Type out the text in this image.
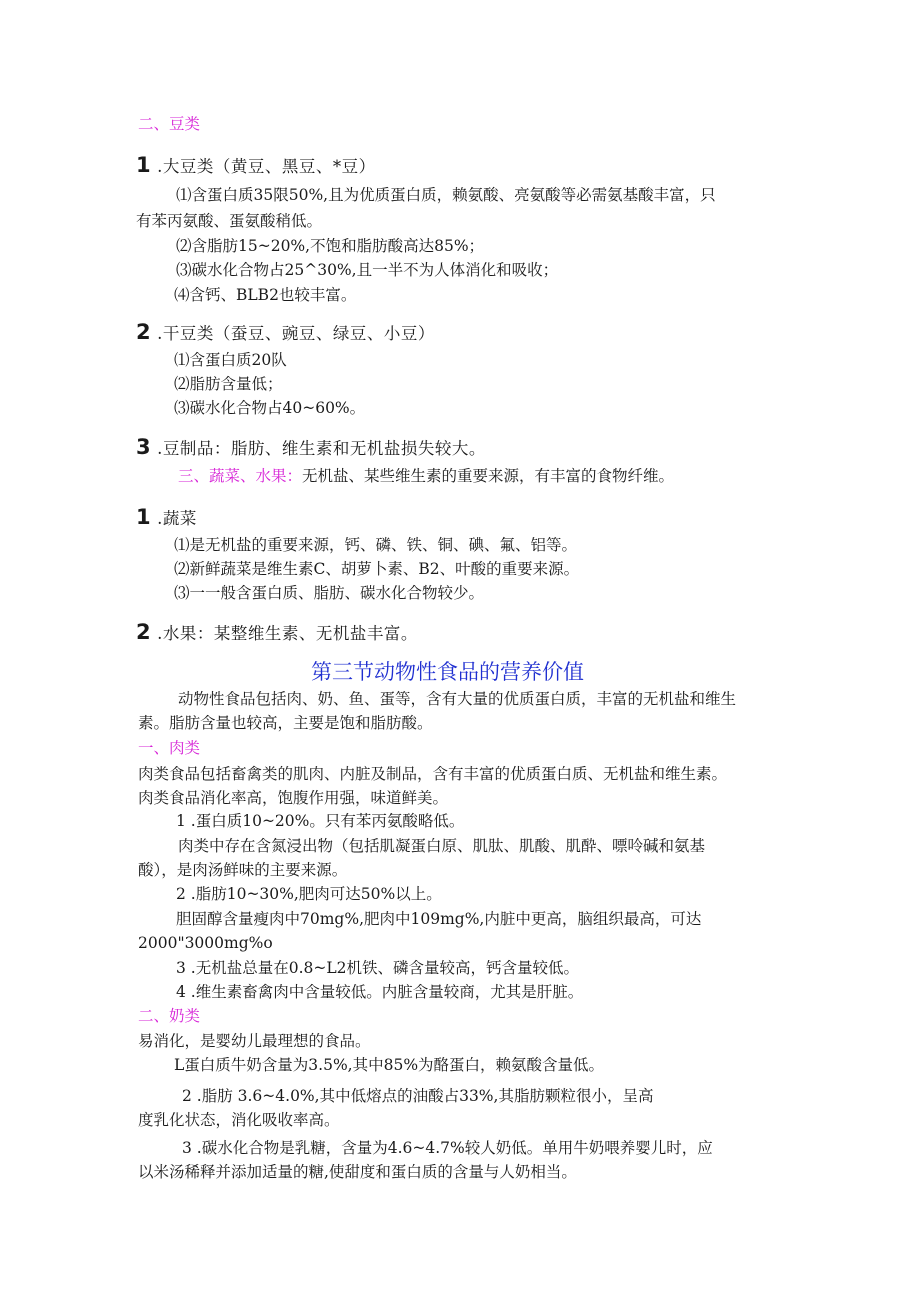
二、豆类
1 .大豆类（黄豆、黑豆、*豆）
⑴含蛋白质35限50%,且为优质蛋白质，赖氨酸、亮氨酸等必需氨基酸丰富，只
有苯丙氨酸、蛋氨酸稍低。
⑵含脂肪15~20%,不饱和脂肪酸高达85%；
⑶碳水化合物占25^30%,且一半不为人体消化和吸收；
⑷含钙、BLB2也较丰富。
2 .干豆类（蚕豆、豌豆、绿豆、小豆）
⑴含蛋白质20队
⑵脂肪含量低；
⑶碳水化合物占40~60%。
3 .豆制品：脂肪、维生素和无机盐损失较大。
三、蔬菜、水果：无机盐、某些维生素的重要来源，有丰富的食物纤维。
1 .蔬菜
⑴是无机盐的重要来源，钙、磷、铁、铜、碘、氟、铝等。
⑵新鲜蔬菜是维生素C、胡萝卜素、B2、叶酸的重要来源。
⑶一一般含蛋白质、脂肪、碳水化合物较少。
2 .水果：某整维生素、无机盐丰富。
第三节动物性食品的营养价值
动物性食品包括肉、奶、鱼、蛋等，含有大量的优质蛋白质，丰富的无机盐和维生
素。脂肪含量也较高，主要是饱和脂肪酸。
一、肉类
肉类食品包括畜禽类的肌肉、内脏及制品，含有丰富的优质蛋白质、无机盐和维生素。
肉类食品消化率高，饱腹作用强，味道鲜美。
1 .蛋白质10~20%。只有苯丙氨酸略低。
肉类中存在含氮浸出物（包括肌凝蛋白原、肌肽、肌酸、肌酔、嘌呤碱和氨基
酸），是肉汤鲜味的主要来源。
2 .脂肪10~30%,肥肉可达50%以上。
胆固醇含量瘦肉中70mg%,肥肉中109mg%,内脏中更高，脑组织最高，可达
2000"3000mg%o
3 .无机盐总量在0.8~L2机铁、磷含量较高，钙含量较低。
4 .维生素畜禽肉中含量较低。内脏含量较商，尤其是肝脏。
二、奶类
易消化，是婴幼儿最理想的食品。
L蛋白质牛奶含量为3.5%,其中85%为酪蛋白，赖氨酸含量低。
2 .脂肪 3.6~4.0%,其中低熔点的油酸占33%,其脂肪颗粒很小，呈高
度乳化状态，消化吸收率高。
3 .碳水化合物是乳糖，含量为4.6~4.7%较人奶低。单用牛奶喂养婴儿时，应
以米汤稀释并添加适量的糖,使甜度和蛋白质的含量与人奶相当。
